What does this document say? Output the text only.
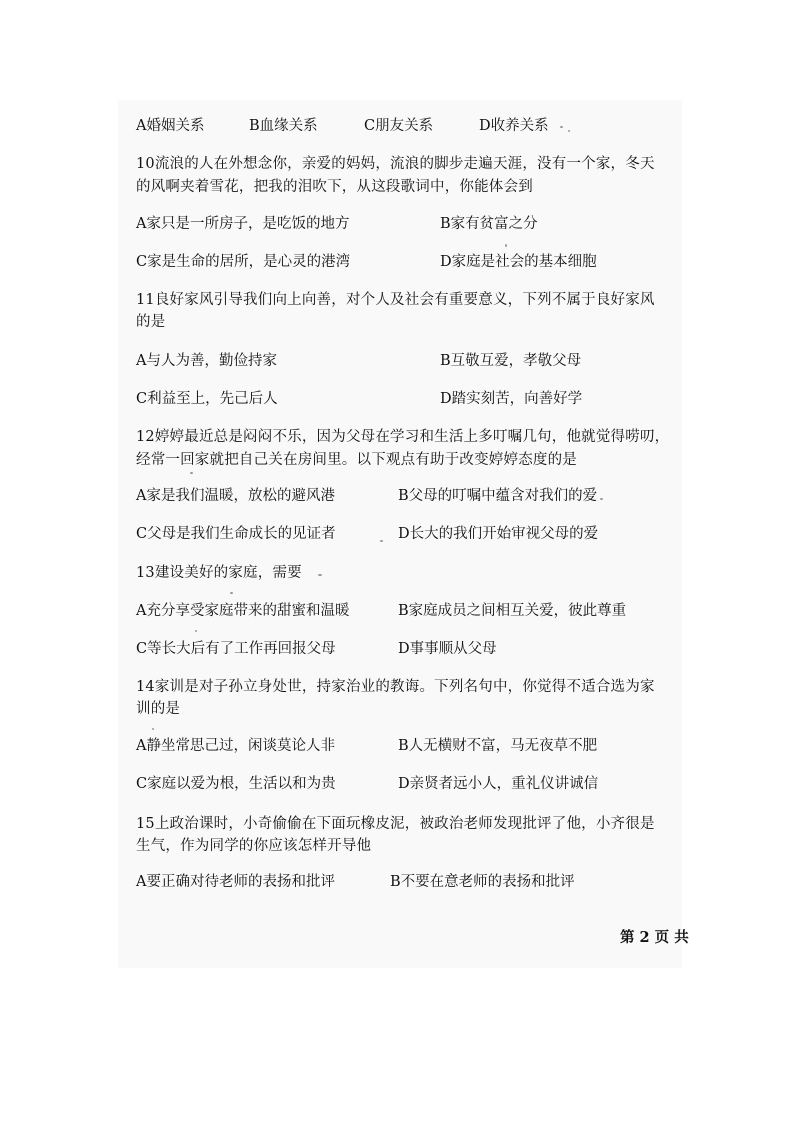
A婚姻关系	B血缘关系	C朋友关系	D收养关系
10流浪的人在外想念你，亲爱的妈妈，流浪的脚步走遍天涯，没有一个家，冬天
的风啊夹着雪花，把我的泪吹下，从这段歌词中，你能体会到
A家只是一所房子，是吃饭的地方	B家有贫富之分
C家是生命的居所，是心灵的港湾	D家庭是社会的基本细胞
11良好家风引导我们向上向善，对个人及社会有重要意义，下列不属于良好家风
的是
A与人为善，勤俭持家	B互敬互爱，孝敬父母
C利益至上，先己后人	D踏实刻苦，向善好学
12婷婷最近总是闷闷不乐，因为父母在学习和生活上多叮嘱几句，他就觉得唠叨，
经常一回家就把自己关在房间里。以下观点有助于改变婷婷态度的是
A家是我们温暖，放松的避风港	B父母的叮嘱中蕴含对我们的爱
C父母是我们生命成长的见证者	D长大的我们开始审视父母的爱
13建设美好的家庭，需要
A充分享受家庭带来的甜蜜和温暖	B家庭成员之间相互关爱，彼此尊重
C等长大后有了工作再回报父母	D事事顺从父母
14家训是对子孙立身处世，持家治业的教诲。下列名句中，你觉得不适合选为家
训的是
A静坐常思己过，闲谈莫论人非	B人无横财不富，马无夜草不肥
C家庭以爱为根，生活以和为贵	D亲贤者远小人，重礼仪讲诚信
15上政治课时，小奇偷偷在下面玩橡皮泥，被政治老师发现批评了他，小齐很是
生气，作为同学的你应该怎样开导他
A要正确对待老师的表扬和批评	B不要在意老师的表扬和批评
第 2 页 共
